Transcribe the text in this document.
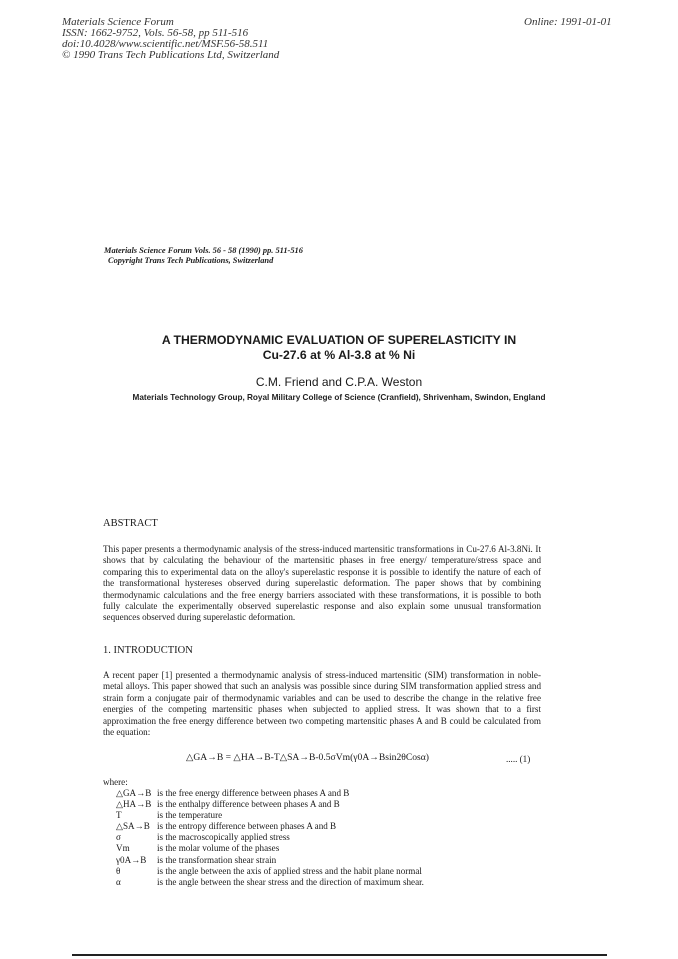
Materials Science Forum
ISSN: 1662-9752, Vols. 56-58, pp 511-516
doi:10.4028/www.scientific.net/MSF.56-58.511
© 1990 Trans Tech Publications Ltd, Switzerland
Online: 1991-01-01
Materials Science Forum Vols. 56 - 58 (1990) pp. 511-516
Copyright Trans Tech Publications, Switzerland
A THERMODYNAMIC EVALUATION OF SUPERELASTICITY IN
Cu-27.6 at % Al-3.8 at % Ni
C.M. Friend and C.P.A. Weston
Materials Technology Group, Royal Military College of Science (Cranfield), Shrivenham, Swindon, England
ABSTRACT
This paper presents a thermodynamic analysis of the stress-induced martensitic transformations in Cu-27.6 Al-3.8Ni. It shows that by calculating the behaviour of the martensitic phases in free energy/ temperature/stress space and comparing this to experimental data on the alloy's superelastic response it is possible to identify the nature of each of the transformational hystereses observed during superelastic deformation. The paper shows that by combining thermodynamic calculations and the free energy barriers associated with these transformations, it is possible to both fully calculate the experimentally observed superelastic response and also explain some unusual transformation sequences observed during superelastic deformation.
1. INTRODUCTION
A recent paper [1] presented a thermodynamic analysis of stress-induced martensitic (SIM) transformation in noble-metal alloys. This paper showed that such an analysis was possible since during SIM transformation applied stress and strain form a conjugate pair of thermodynamic variables and can be used to describe the change in the relative free energies of the competing martensitic phases when subjected to applied stress. It was shown that to a first approximation the free energy difference between two competing martensitic phases A and B could be calculated from the equation:
△GA→B = △HA→B-T△SA→B-0.5σVm(γ0A→Bsin2θCosα)	..... (1)
where:
△GA→B is the free energy difference between phases A and B
△HA→B is the enthalpy difference between phases A and B
T	is the temperature
△SA→B is the entropy difference between phases A and B
σ	is the macroscopically applied stress
Vm	is the molar volume of the phases
γ0A→B	is the transformation shear strain
θ	is the angle between the axis of applied stress and the habit plane normal
α	is the angle between the shear stress and the direction of maximum shear.
